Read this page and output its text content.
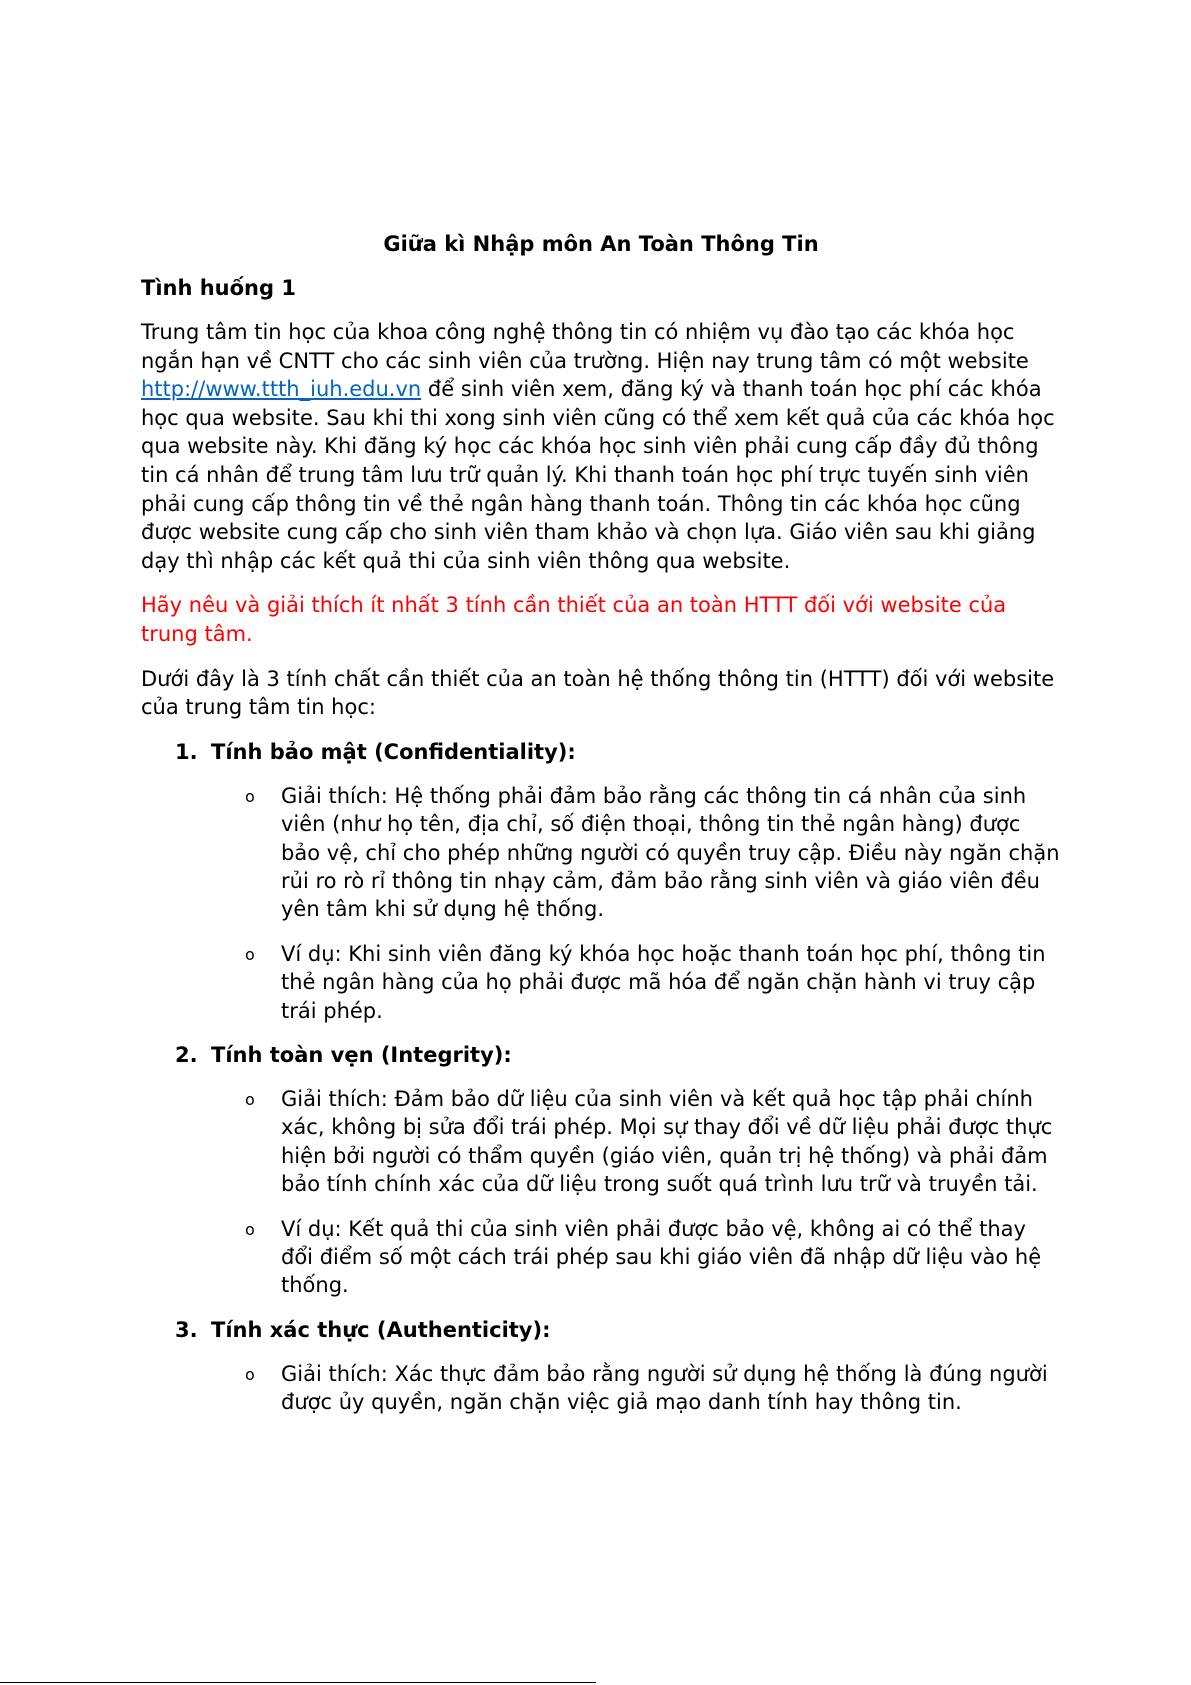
Giữa kì Nhập môn An Toàn Thông Tin
Tình huống 1

Trung tâm tin học của khoa công nghệ thông tin có nhiệm vụ đào tạo các khóa học ngắn hạn về CNTT cho các sinh viên của trường. Hiện nay trung tâm có một website http://www.ttth_iuh.edu.vn để sinh viên xem, đăng ký và thanh toán học phí các khóa học qua website. Sau khi thi xong sinh viên cũng có thể xem kết quả của các khóa học qua website này. Khi đăng ký học các khóa học sinh viên phải cung cấp đầy đủ thông tin cá nhân để trung tâm lưu trữ quản lý. Khi thanh toán học phí trực tuyến sinh viên phải cung cấp thông tin về thẻ ngân hàng thanh toán. Thông tin các khóa học cũng được website cung cấp cho sinh viên tham khảo và chọn lựa. Giáo viên sau khi giảng dạy thì nhập các kết quả thi của sinh viên thông qua website.

Hãy nêu và giải thích ít nhất 3 tính cần thiết của an toàn HTTT đối với website của trung tâm.

Dưới đây là 3 tính chất cần thiết của an toàn hệ thống thông tin (HTTT) đối với website của trung tâm tin học:

1. Tính bảo mật (Confidentiality):
o Giải thích: Hệ thống phải đảm bảo rằng các thông tin cá nhân của sinh viên (như họ tên, địa chỉ, số điện thoại, thông tin thẻ ngân hàng) được bảo vệ, chỉ cho phép những người có quyền truy cập. Điều này ngăn chặn rủi ro rò rỉ thông tin nhạy cảm, đảm bảo rằng sinh viên và giáo viên đều yên tâm khi sử dụng hệ thống.
o Ví dụ: Khi sinh viên đăng ký khóa học hoặc thanh toán học phí, thông tin thẻ ngân hàng của họ phải được mã hóa để ngăn chặn hành vi truy cập trái phép.
2. Tính toàn vẹn (Integrity):
o Giải thích: Đảm bảo dữ liệu của sinh viên và kết quả học tập phải chính xác, không bị sửa đổi trái phép. Mọi sự thay đổi về dữ liệu phải được thực hiện bởi người có thẩm quyền (giáo viên, quản trị hệ thống) và phải đảm bảo tính chính xác của dữ liệu trong suốt quá trình lưu trữ và truyền tải.
o Ví dụ: Kết quả thi của sinh viên phải được bảo vệ, không ai có thể thay đổi điểm số một cách trái phép sau khi giáo viên đã nhập dữ liệu vào hệ thống.
3. Tính xác thực (Authenticity):
o Giải thích: Xác thực đảm bảo rằng người sử dụng hệ thống là đúng người được ủy quyền, ngăn chặn việc giả mạo danh tính hay thông tin.
